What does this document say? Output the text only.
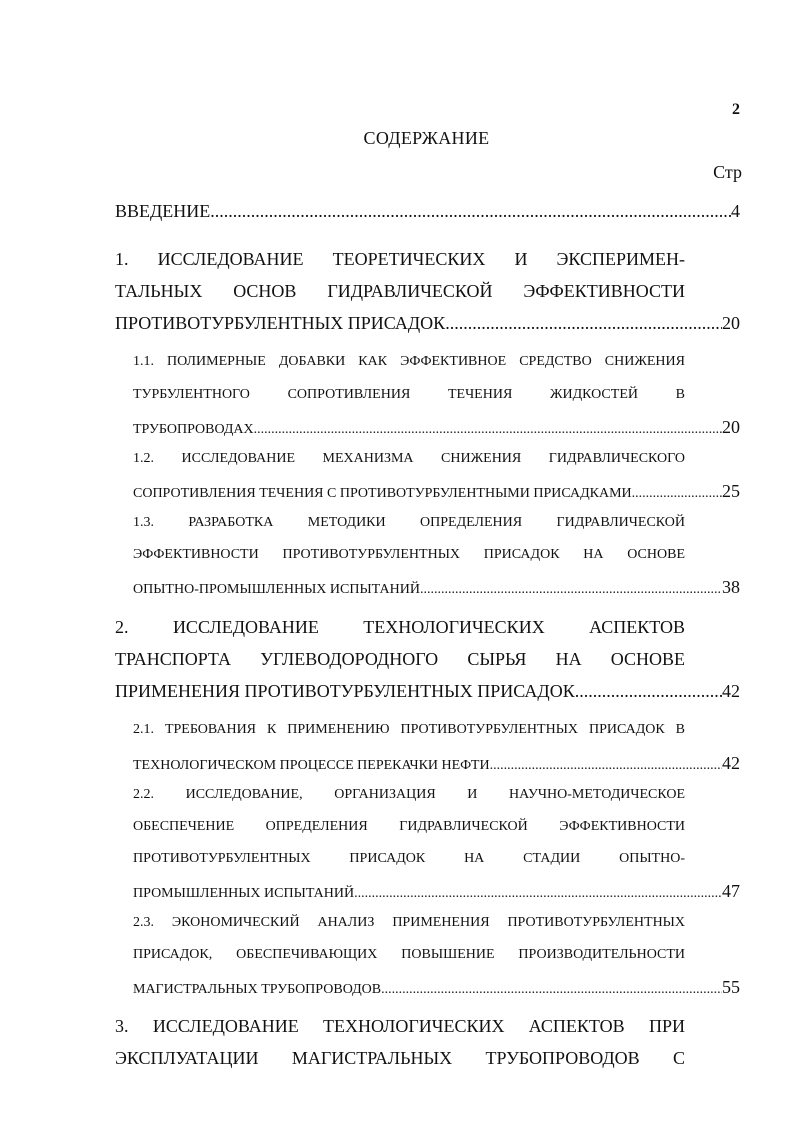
2
СОДЕРЖАНИЕ
Стр
ВВЕДЕНИЕ .....	4
1. ИССЛЕДОВАНИЕ ТЕОРЕТИЧЕСКИХ И ЭКСПЕРИМЕН-
ТАЛЬНЫХ ОСНОВ ГИДРАВЛИЧЕСКОЙ ЭФФЕКТИВНОСТИ
ПРОТИВОТУРБУЛЕНТНЫХ ПРИСАДОК .....	20
1.1. ПОЛИМЕРНЫЕ ДОБАВКИ КАК ЭФФЕКТИВНОЕ СРЕДСТВО СНИЖЕНИЯ
ТУРБУЛЕНТНОГО СОПРОТИВЛЕНИЯ ТЕЧЕНИЯ ЖИДКОСТЕЙ В
ТРУБОПРОВОДАХ .....	20
1.2. ИССЛЕДОВАНИЕ МЕХАНИЗМА СНИЖЕНИЯ ГИДРАВЛИЧЕСКОГО
СОПРОТИВЛЕНИЯ ТЕЧЕНИЯ С ПРОТИВОТУРБУЛЕНТНЫМИ ПРИСАДКАМИ .....	25
1.3. РАЗРАБОТКА МЕТОДИКИ ОПРЕДЕЛЕНИЯ ГИДРАВЛИЧЕСКОЙ
ЭФФЕКТИВНОСТИ ПРОТИВОТУРБУЛЕНТНЫХ ПРИСАДОК НА ОСНОВЕ
ОПЫТНО-ПРОМЫШЛЕННЫХ ИСПЫТАНИЙ .....	38
2. ИССЛЕДОВАНИЕ ТЕХНОЛОГИЧЕСКИХ АСПЕКТОВ
ТРАНСПОРТА УГЛЕВОДОРОДНОГО СЫРЬЯ НА ОСНОВЕ
ПРИМЕНЕНИЯ ПРОТИВОТУРБУЛЕНТНЫХ ПРИСАДОК .....	42
2.1. ТРЕБОВАНИЯ К ПРИМЕНЕНИЮ ПРОТИВОТУРБУЛЕНТНЫХ ПРИСАДОК В
ТЕХНОЛОГИЧЕСКОМ ПРОЦЕССЕ ПЕРЕКАЧКИ НЕФТИ .....	42
2.2. ИССЛЕДОВАНИЕ, ОРГАНИЗАЦИЯ И НАУЧНО-МЕТОДИЧЕСКОЕ
ОБЕСПЕЧЕНИЕ ОПРЕДЕЛЕНИЯ ГИДРАВЛИЧЕСКОЙ ЭФФЕКТИВНОСТИ
ПРОТИВОТУРБУЛЕНТНЫХ ПРИСАДОК НА СТАДИИ ОПЫТНО-
ПРОМЫШЛЕННЫХ ИСПЫТАНИЙ .....	47
2.3. ЭКОНОМИЧЕСКИЙ АНАЛИЗ ПРИМЕНЕНИЯ ПРОТИВОТУРБУЛЕНТНЫХ
ПРИСАДОК, ОБЕСПЕЧИВАЮЩИХ ПОВЫШЕНИЕ ПРОИЗВОДИТЕЛЬНОСТИ
МАГИСТРАЛЬНЫХ ТРУБОПРОВОДОВ .....	55
3. ИССЛЕДОВАНИЕ ТЕХНОЛОГИЧЕСКИХ АСПЕКТОВ ПРИ
ЭКСПЛУАТАЦИИ МАГИСТРАЛЬНЫХ ТРУБОПРОВОДОВ С
